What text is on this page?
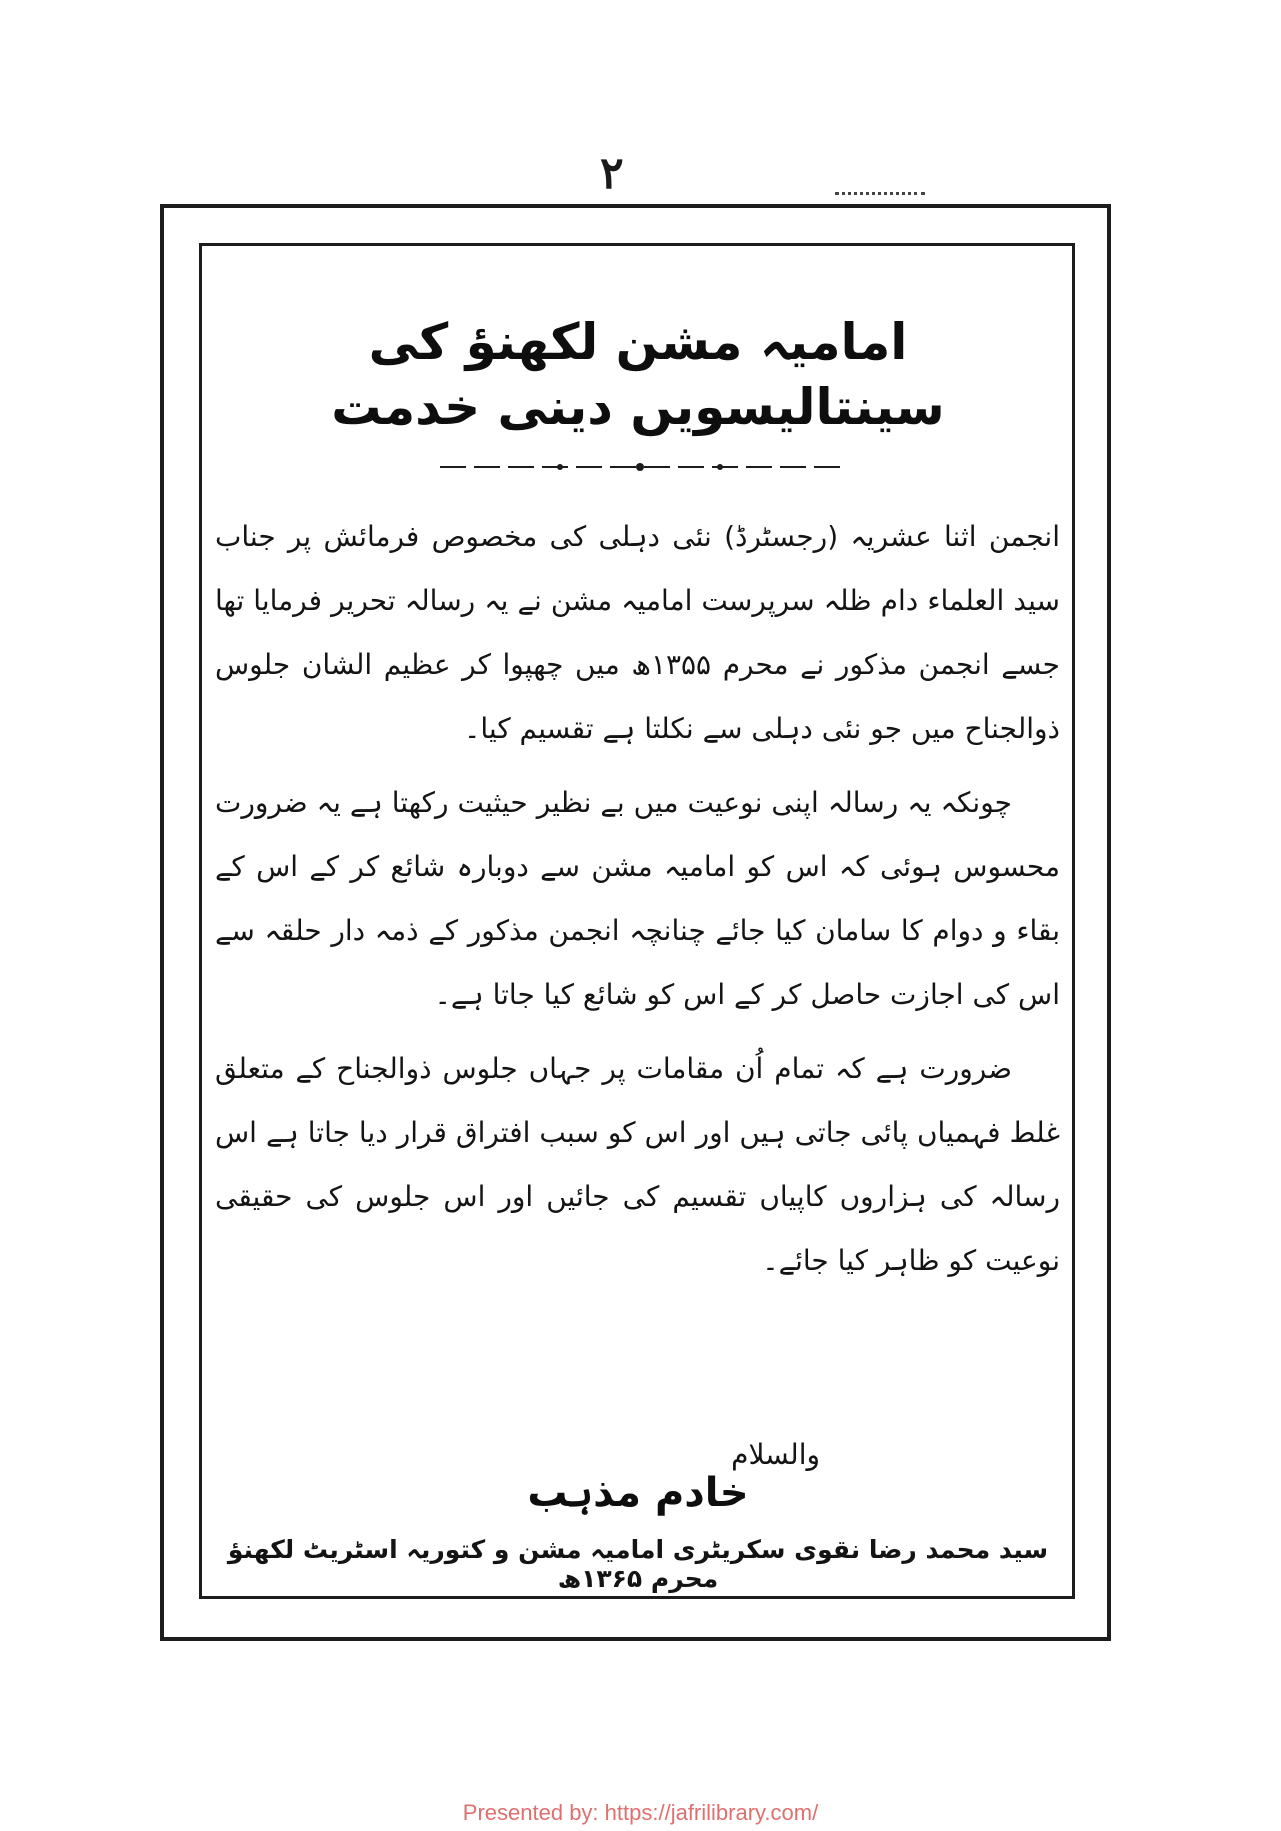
۲
امامیہ مشن لکھنؤ کی سینتالیسویں دینی خدمت

انجمن اثنا عشریہ (رجسٹرڈ) نئی دہلی کی مخصوص فرمائش پر جناب سید العلماء دام ظلہ سرپرست امامیہ مشن نے یہ رسالہ تحریر فرمایا تھا جسے انجمن مذکور نے محرم ۱۳۵۵ھ میں چھپوا کر عظیم الشان جلوس ذوالجناح میں جو نئی دہلی سے نکلتا ہے تقسیم کیا۔

چونکہ یہ رسالہ اپنی نوعیت میں بے نظیر حیثیت رکھتا ہے یہ ضرورت محسوس ہوئی کہ اس کو امامیہ مشن سے دوبارہ شائع کر کے اس کے بقاء و دوام کا سامان کیا جائے چنانچہ انجمن مذکور کے ذمہ دار حلقہ سے اس کی اجازت حاصل کر کے اس کو شائع کیا جاتا ہے۔

ضرورت ہے کہ تمام اُن مقامات پر جہاں جلوس ذوالجناح کے متعلق غلط فہمیاں پائی جاتی ہیں اور اس کو سبب افتراق قرار دیا جاتا ہے اس رسالہ کی ہزاروں کاپیاں تقسیم کی جائیں اور اس جلوس کی حقیقی نوعیت کو ظاہر کیا جائے۔

والسلام
خادم مذہب
سید محمد رضا نقوی سکریٹری امامیہ مشن و کتوریہ اسٹریٹ لکھنؤ محرم ۱۳۶۵ھ
Presented by: https://jafrilibrary.com/
